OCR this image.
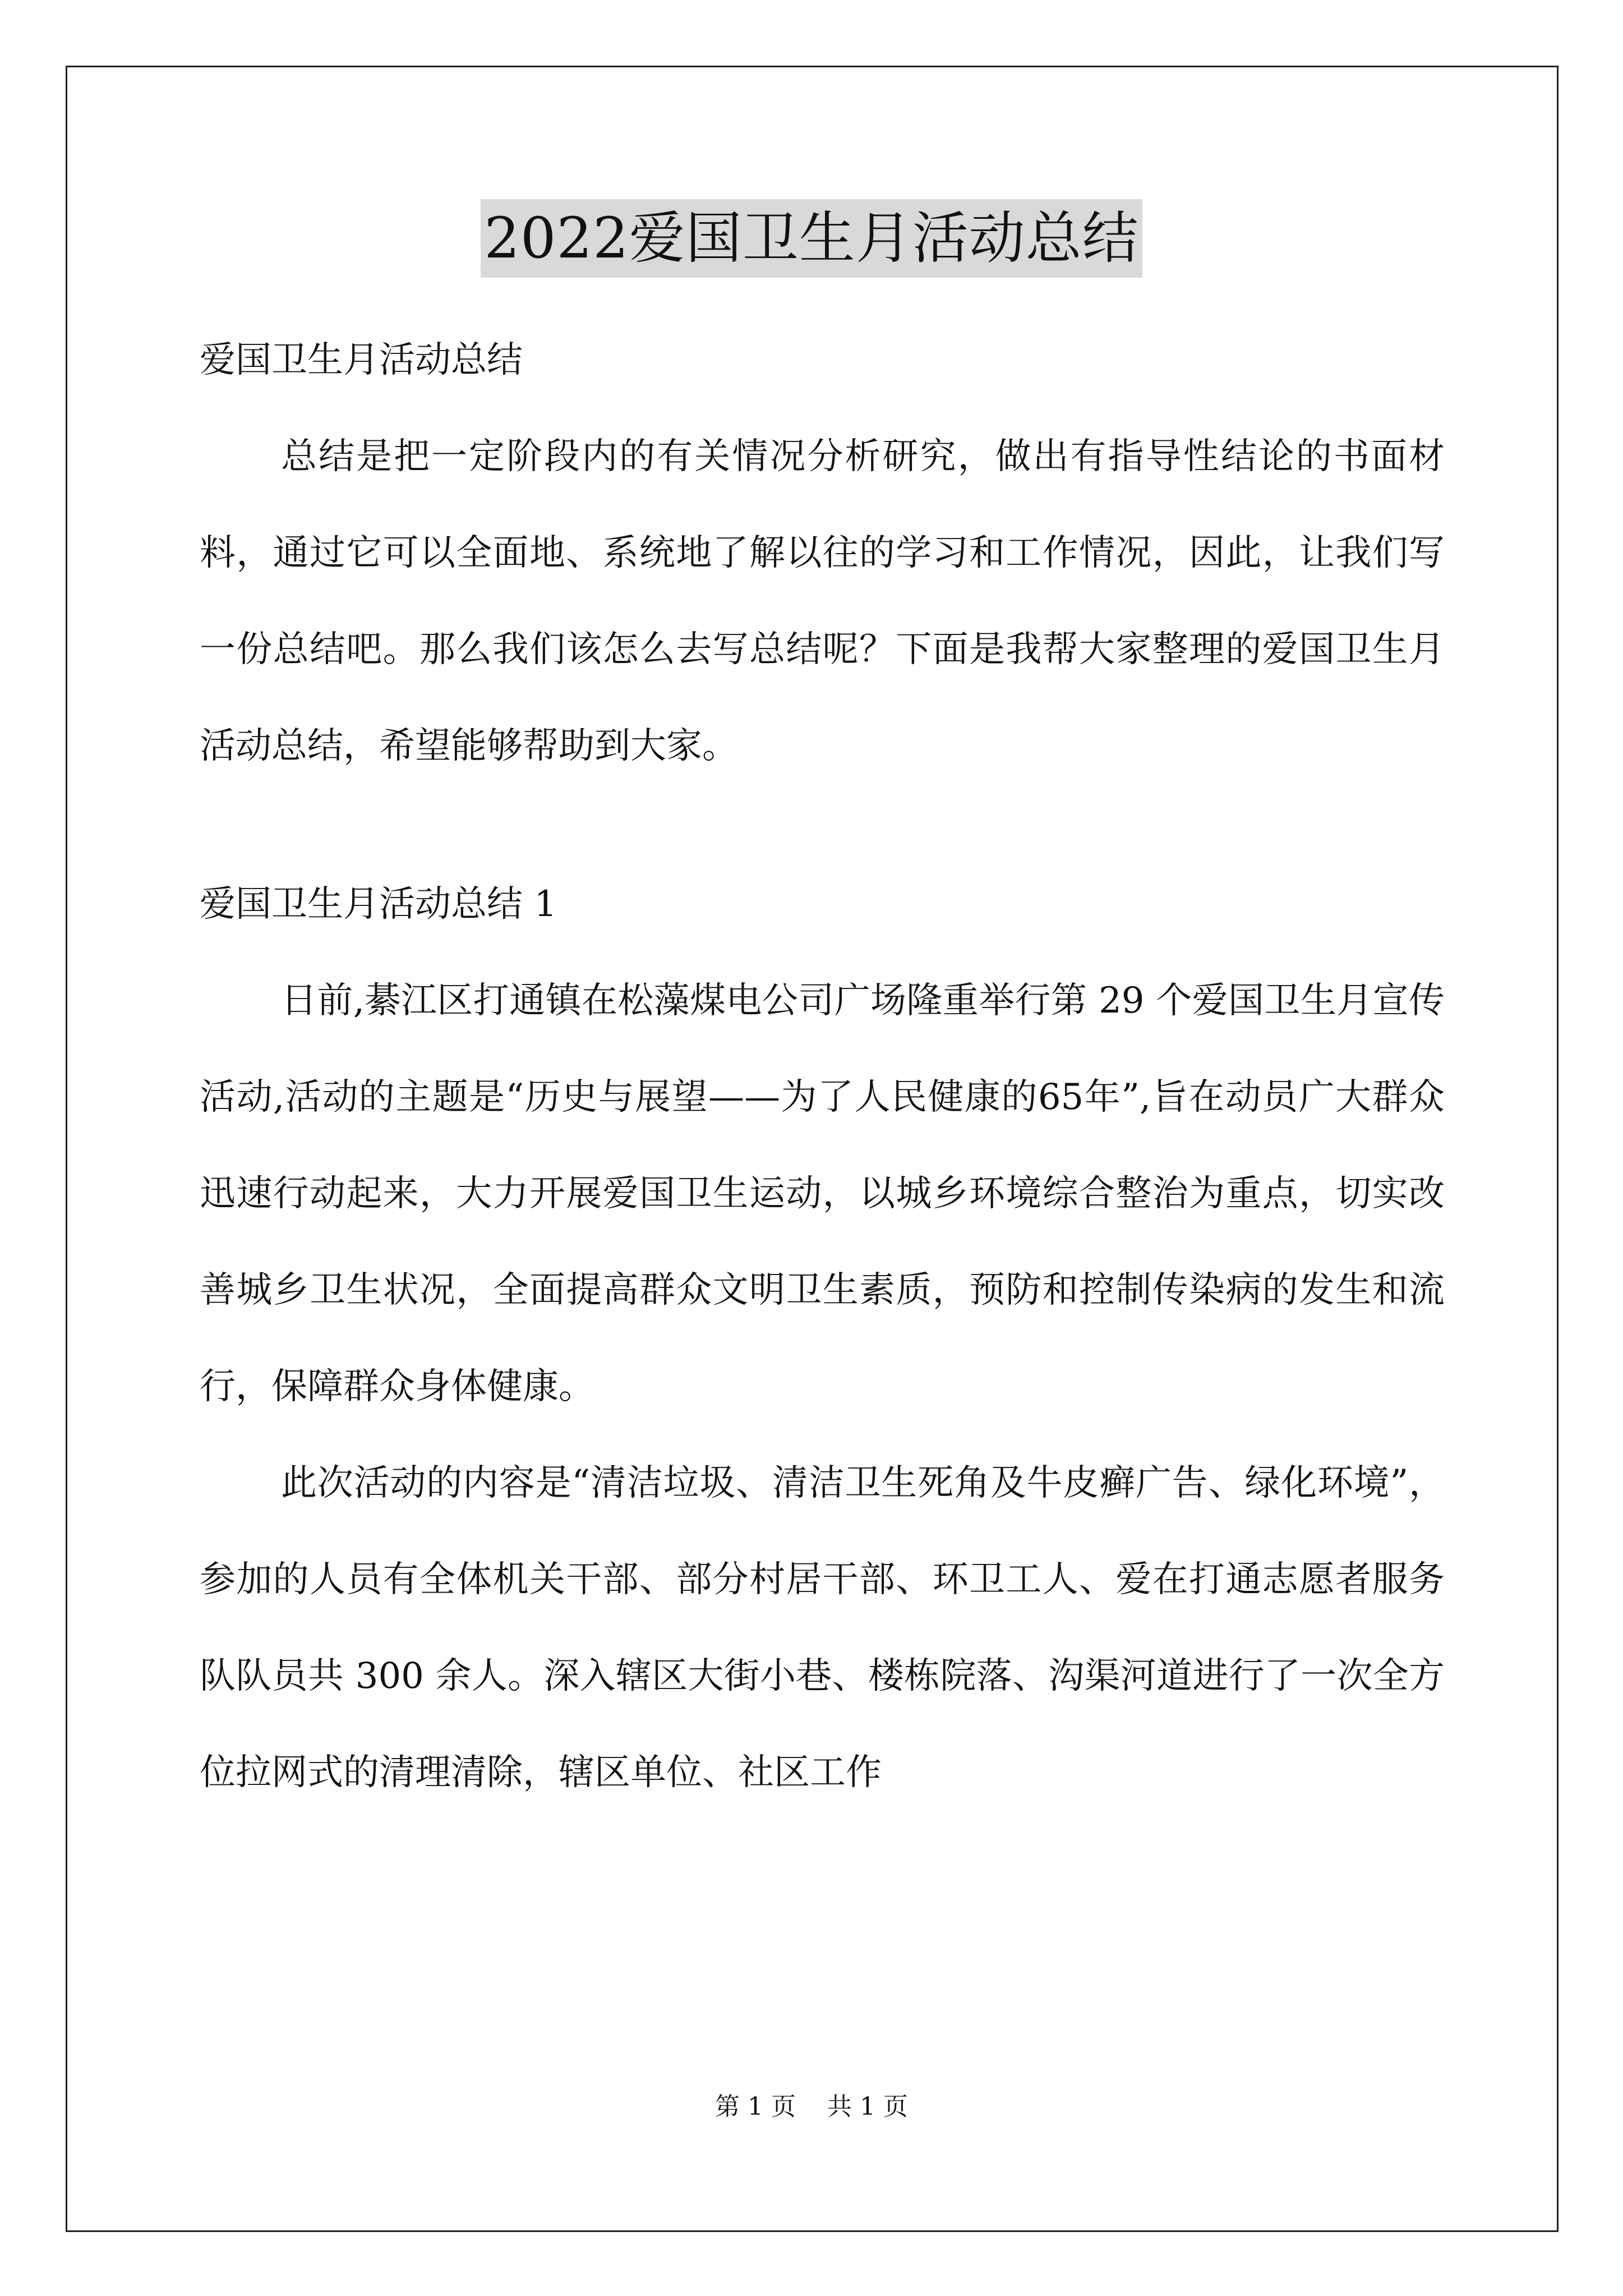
2022爱国卫生月活动总结

爱国卫生月活动总结

总结是把一定阶段内的有关情况分析研究，做出有指导性结论的书面材料，通过它可以全面地、系统地了解以往的学习和工作情况，因此，让我们写一份总结吧。那么我们该怎么去写总结呢？下面是我帮大家整理的爱国卫生月活动总结，希望能够帮助到大家。

爱国卫生月活动总结 1

日前,綦江区打通镇在松藻煤电公司广场隆重举行第 29 个爱国卫生月宣传活动,活动的主题是“历史与展望——为了人民健康的65年”,旨在动员广大群众迅速行动起来，大力开展爱国卫生运动，以城乡环境综合整治为重点，切实改善城乡卫生状况，全面提高群众文明卫生素质，预防和控制传染病的发生和流行，保障群众身体健康。

此次活动的内容是“清洁垃圾、清洁卫生死角及牛皮癣广告、绿化环境”，参加的人员有全体机关干部、部分村居干部、环卫工人、爱在打通志愿者服务队队员共 300 余人。深入辖区大街小巷、楼栋院落、沟渠河道进行了一次全方位拉网式的清理清除，辖区单位、社区工作

第 1 页    共 1 页
